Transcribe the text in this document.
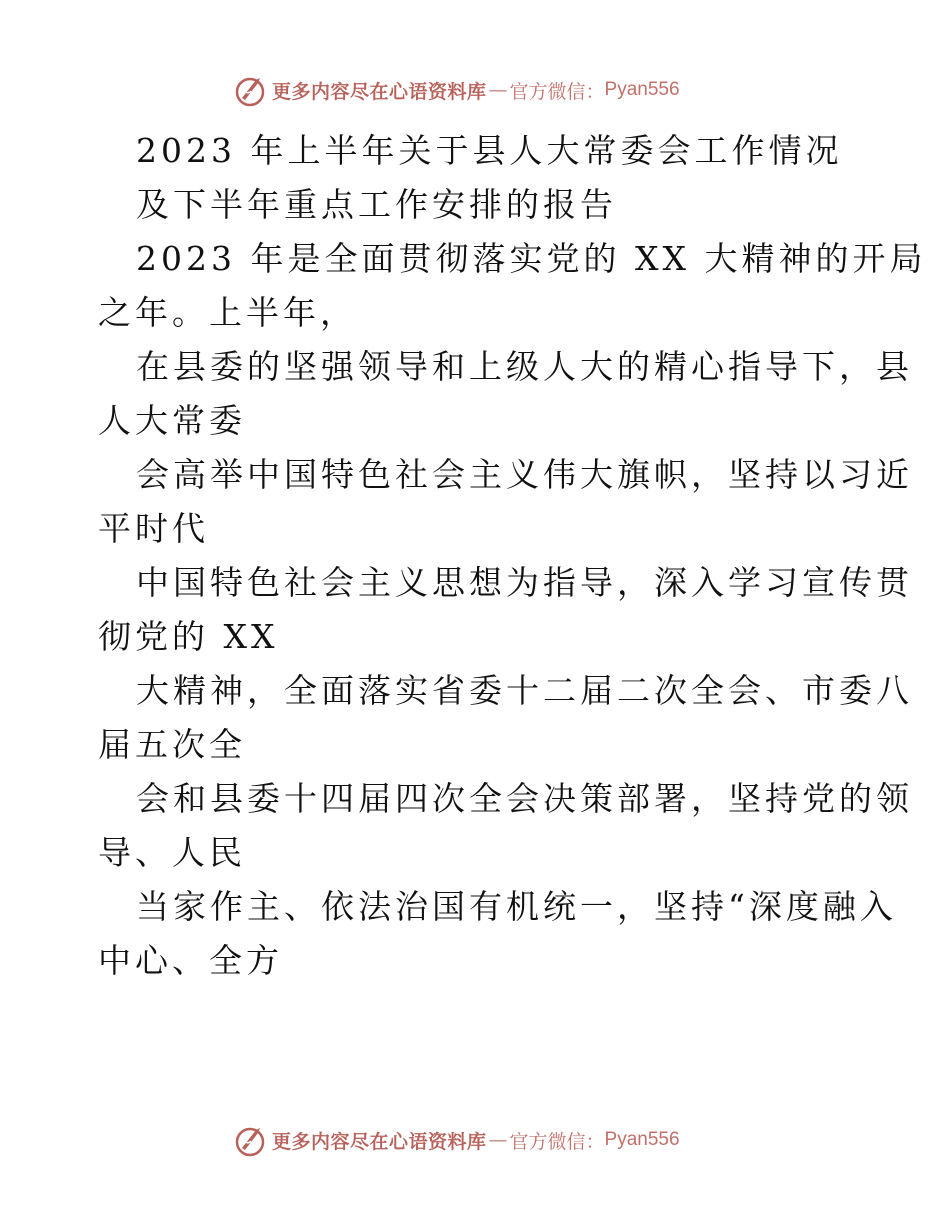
更多内容尽在心语资料库 — 官方微信： Pyan556
2023 年上半年关于县人大常委会工作情况
及下半年重点工作安排的报告
2023 年是全面贯彻落实党的 XX 大精神的开局
之年。上半年，
在县委的坚强领导和上级人大的精心指导下，县
人大常委
会高举中国特色社会主义伟大旗帜，坚持以习近
平时代
中国特色社会主义思想为指导，深入学习宣传贯
彻党的 XX
大精神，全面落实省委十二届二次全会、市委八
届五次全
会和县委十四届四次全会决策部署，坚持党的领
导、人民
当家作主、依法治国有机统一，坚持“深度融入
中心、全方
更多内容尽在心语资料库 — 官方微信： Pyan556
